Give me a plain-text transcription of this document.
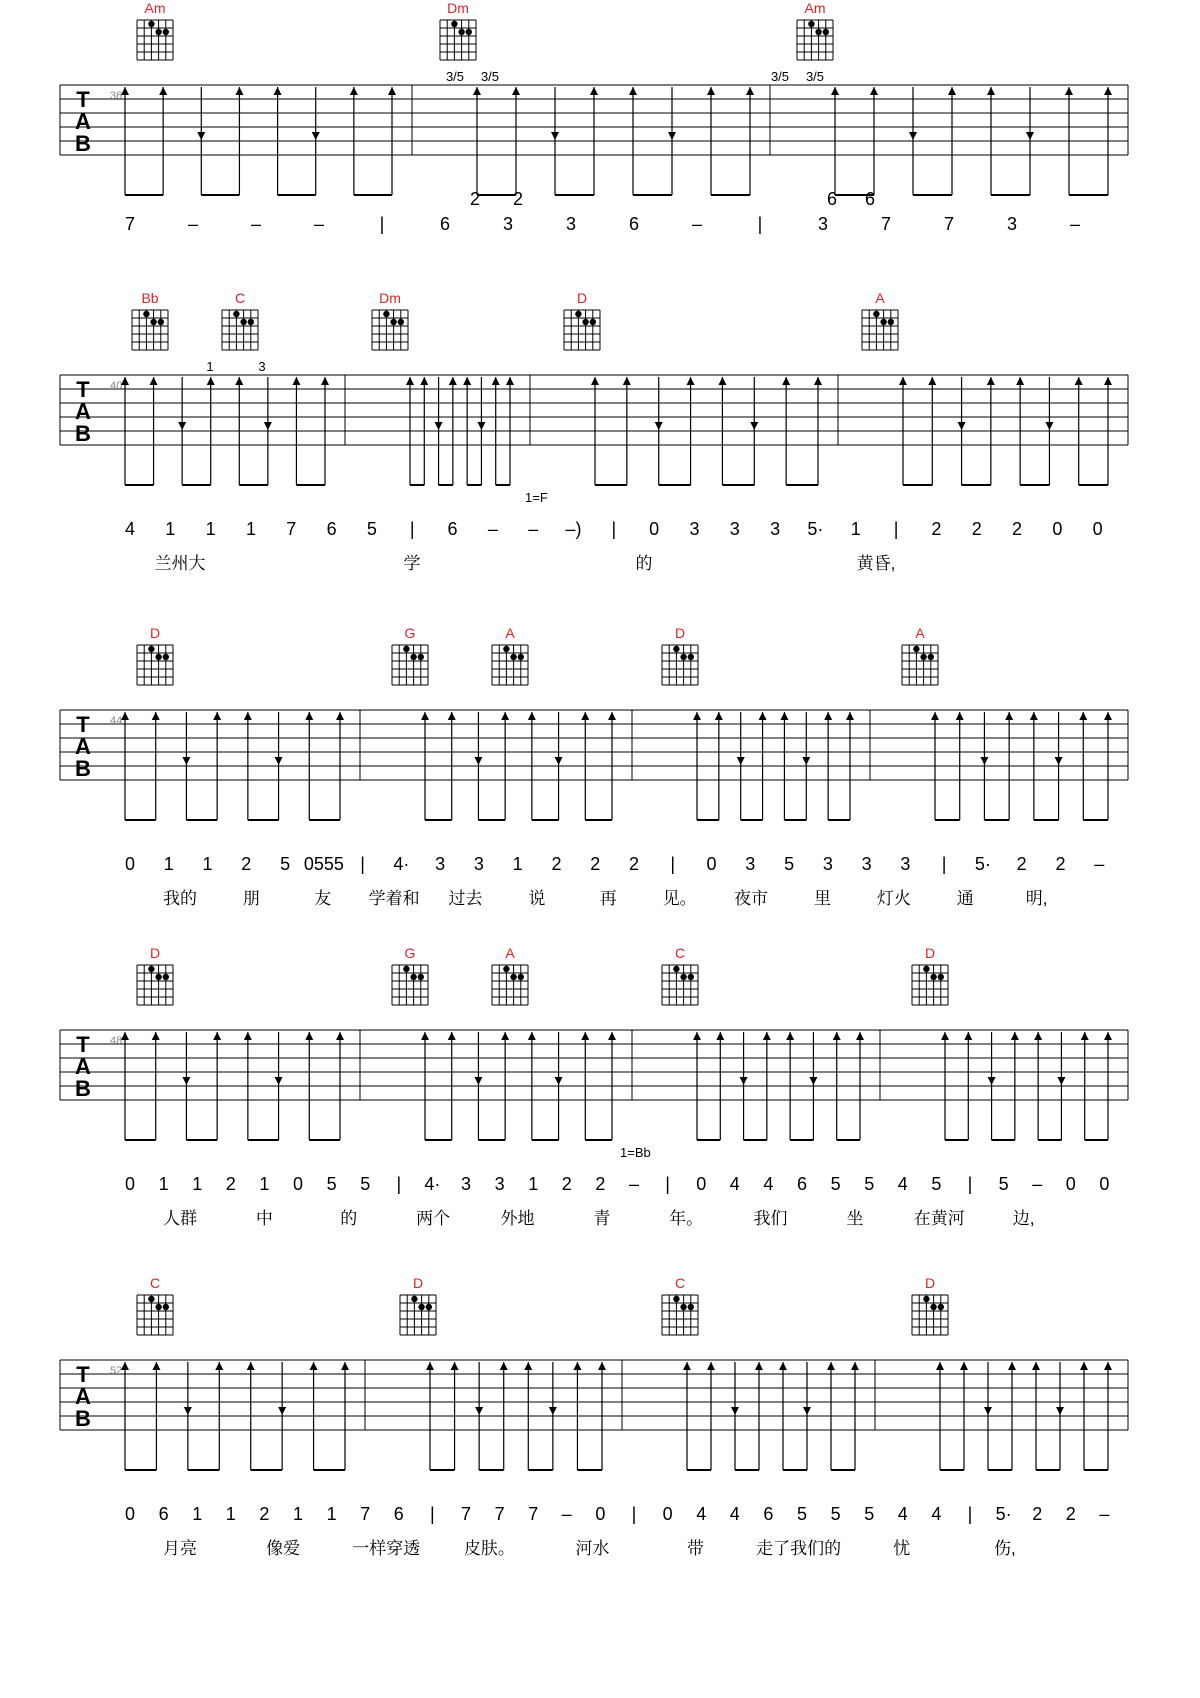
Am	Dm	Am
T
A
B
36
3/5 3/5	3/5 3/5
2 2	6 6
7	–	–	–	|	6	3	3	6	–	|	3	7	7	3	–
Bb	C	Dm	D	A
T
A
B
40
1	3
1=F
4 1 1 1 7 6 5 | 6 – – –) | 0 3 3 3 5· 1 | 2 2 2 0 0
兰州大	学	的	黄昏,
D	G	A	D	A
T
A
B
44
0 1 1 2 5 0555 | 4· 3 3 1 2 2 2 | 0 3 5 3 3 3 | 5· 2 2 –
我的	朋	友 学着和 过去	说	再	见。 夜市	里	灯火	通	明,
D	G	A	C	D
T
A
B
48
1=Bb
0 1 1 2 1 0 5 5 | 4· 3 3 1 2 2 – | 0 4 4 6 5 5 4 5 | 5 – 0 0
人群	中	的	两个	外地	青	年。	我们	坐	在黄河	边,
C	D	C	D
T
A
B
52
0 6 1 1 2 1 1 7 6 | 7 7 7 – 0 | 0 4 4 6 5 5 5 4 4 | 5· 2 2 –
月亮	像爱	一样穿透	皮肤。	河水	带	走了我们的	忧	伤,
